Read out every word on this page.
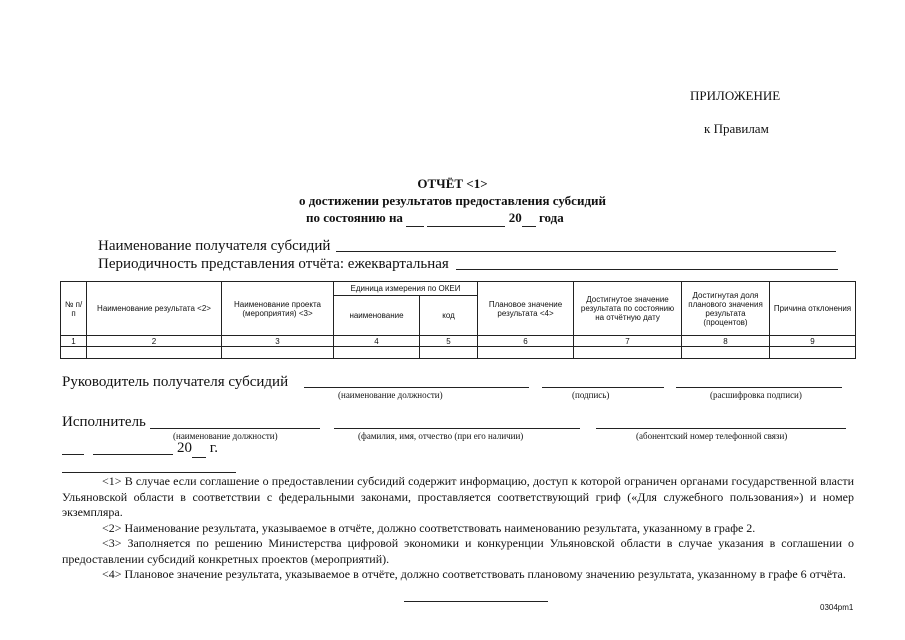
ПРИЛОЖЕНИЕ
к Правилам
ОТЧЁТ <1>
о достижении результатов предоставления субсидий
по состоянию на	20 года
Наименование получателя субсидий
Периодичность представления отчёта: ежеквартальная
№ п/п	Наименование результата <2>	Наименование проекта (мероприятия) <3>	Единица измерения по ОКЕИ		Плановое значение результата <4>	Достигнутое значение результата по состоянию на отчётную дату	Достигнутая доля планового значения результата (процентов)	Причина отклонения
			наименование	код				
1	2	3	4	5	6	7	8	9

Руководитель получателя субсидий
(наименование должности)	(подпись)	(расшифровка подписи)
Исполнитель
(наименование должности)	(фамилия, имя, отчество (при его наличии)	(абонентский номер телефонной связи)
20 г.

<1> В случае если соглашение о предоставлении субсидий содержит информацию, доступ к которой ограничен органами государственной власти Ульяновской области в соответствии с федеральными законами, проставляется соответствующий гриф («Для служебного пользования») и номер экземпляра.

<2> Наименование результата, указываемое в отчёте, должно соответствовать наименованию результата, указанному в графе 2.

<3> Заполняется по решению Министерства цифровой экономики и конкуренции Ульяновской области в случае указания в соглашении о предоставлении субсидий конкретных проектов (мероприятий).

<4> Плановое значение результата, указываемое в отчёте, должно соответствовать плановому значению результата, указанному в графе 6 отчёта.

0304pm1
